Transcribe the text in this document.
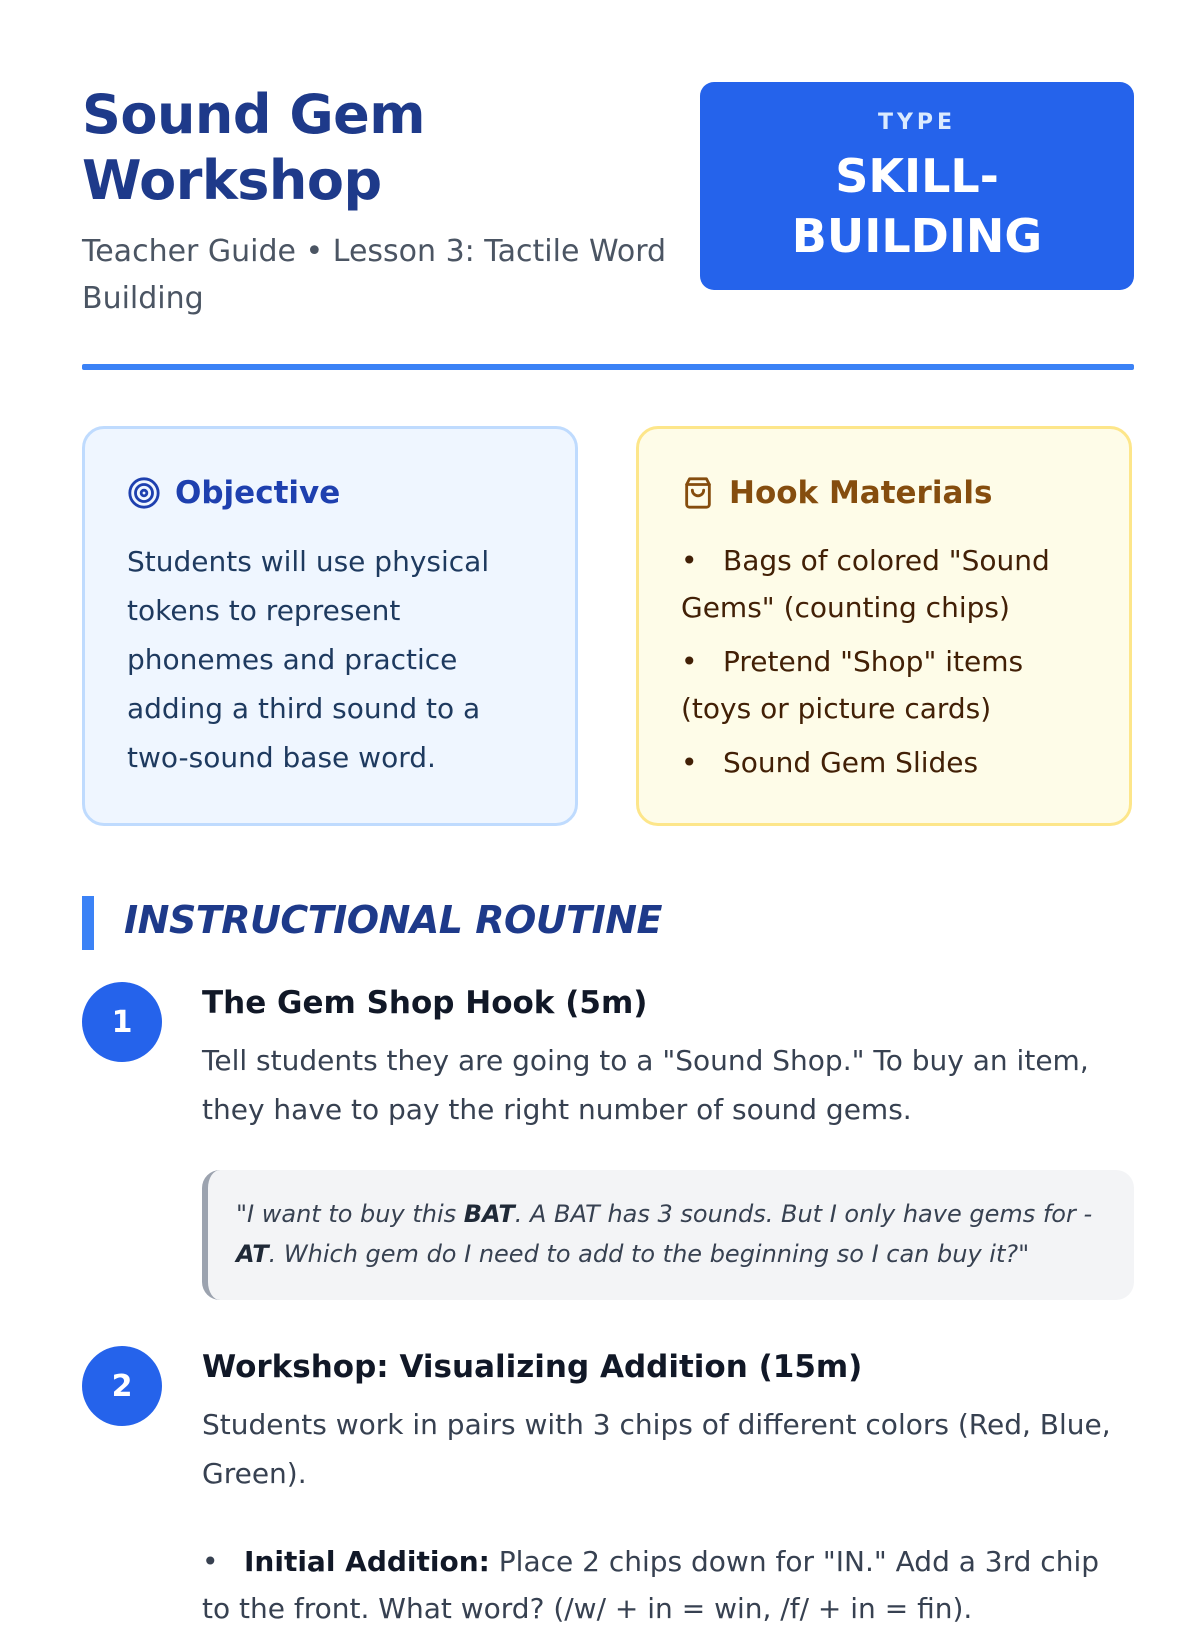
Sound Gem Workshop

Teacher Guide • Lesson 3: Tactile Word Building

TYPE
SKILL-BUILDING
Objective
Students will use physical tokens to represent phonemes and practice adding a third sound to a two-sound base word.
Hook Materials
• Bags of colored "Sound Gems" (counting chips)
• Pretend "Shop" items (toys or picture cards)
• Sound Gem Slides
INSTRUCTIONAL ROUTINE
1
The Gem Shop Hook (5m)
Tell students they are going to a "Sound Shop." To buy an item, they have to pay the right number of sound gems.
"I want to buy this BAT. A BAT has 3 sounds. But I only have gems for -AT. Which gem do I need to add to the beginning so I can buy it?"
2
Workshop: Visualizing Addition (15m)
Students work in pairs with 3 chips of different colors (Red, Blue, Green).
• Initial Addition: Place 2 chips down for "IN." Add a 3rd chip to the front. What word? (/w/ + in = win, /f/ + in = fin).
